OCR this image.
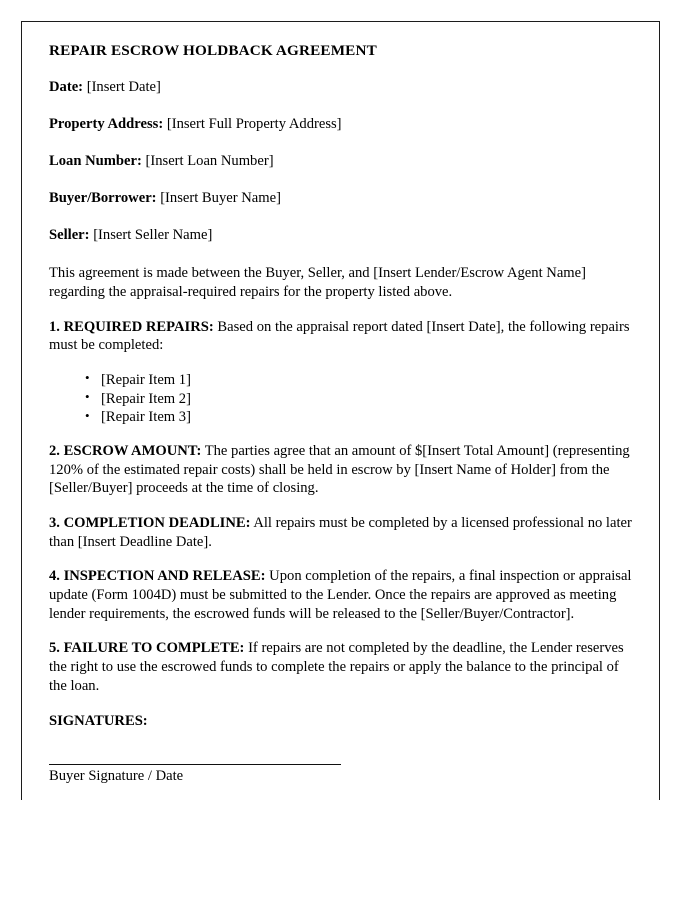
REPAIR ESCROW HOLDBACK AGREEMENT

Date: [Insert Date]

Property Address: [Insert Full Property Address]

Loan Number: [Insert Loan Number]

Buyer/Borrower: [Insert Buyer Name]

Seller: [Insert Seller Name]

This agreement is made between the Buyer, Seller, and [Insert Lender/Escrow Agent Name] regarding the appraisal-required repairs for the property listed above.

1. REQUIRED REPAIRS: Based on the appraisal report dated [Insert Date], the following repairs must be completed:

• [Repair Item 1]
• [Repair Item 2]
• [Repair Item 3]

2. ESCROW AMOUNT: The parties agree that an amount of $[Insert Total Amount] (representing 120% of the estimated repair costs) shall be held in escrow by [Insert Name of Holder] from the [Seller/Buyer] proceeds at the time of closing.

3. COMPLETION DEADLINE: All repairs must be completed by a licensed professional no later than [Insert Deadline Date].

4. INSPECTION AND RELEASE: Upon completion of the repairs, a final inspection or appraisal update (Form 1004D) must be submitted to the Lender. Once the repairs are approved as meeting lender requirements, the escrowed funds will be released to the [Seller/Buyer/Contractor].

5. FAILURE TO COMPLETE: If repairs are not completed by the deadline, the Lender reserves the right to use the escrowed funds to complete the repairs or apply the balance to the principal of the loan.

SIGNATURES:

Buyer Signature / Date
